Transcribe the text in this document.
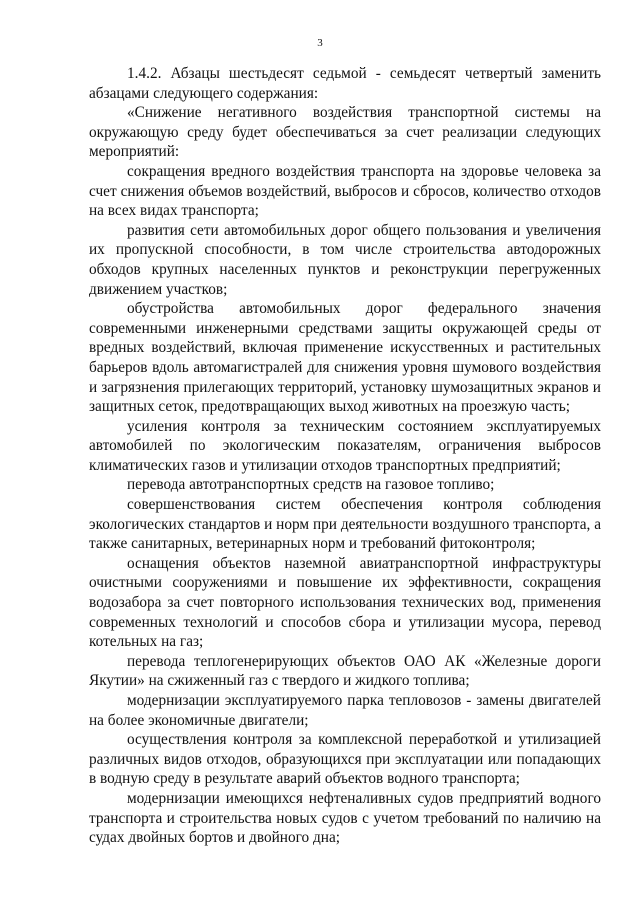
3

1.4.2. Абзацы шестьдесят седьмой - семьдесят четвертый заменить абзацами следующего содержания:

«Снижение негативного воздействия транспортной системы на окружающую среду будет обеспечиваться за счет реализации следующих мероприятий:

сокращения вредного воздействия транспорта на здоровье человека за счет снижения объемов воздействий, выбросов и сбросов, количество отходов на всех видах транспорта;

развития сети автомобильных дорог общего пользования и увеличения их пропускной способности, в том числе строительства автодорожных обходов крупных населенных пунктов и реконструкции перегруженных движением участков;

обустройства автомобильных дорог федерального значения современными инженерными средствами защиты окружающей среды от вредных воздействий, включая применение искусственных и растительных барьеров вдоль автомагистралей для снижения уровня шумового воздействия и загрязнения прилегающих территорий, установку шумозащитных экранов и защитных сеток, предотвращающих выход животных на проезжую часть;

усиления контроля за техническим состоянием эксплуатируемых автомобилей по экологическим показателям, ограничения выбросов климатических газов и утилизации отходов транспортных предприятий;

перевода автотранспортных средств на газовое топливо;

совершенствования систем обеспечения контроля соблюдения экологических стандартов и норм при деятельности воздушного транспорта, а также санитарных, ветеринарных норм и требований фитоконтроля;

оснащения объектов наземной авиатранспортной инфраструктуры очистными сооружениями и повышение их эффективности, сокращения водозабора за счет повторного использования технических вод, применения современных технологий и способов сбора и утилизации мусора, перевод котельных на газ;

перевода теплогенерирующих объектов ОАО АК «Железные дороги Якутии» на сжиженный газ с твердого и жидкого топлива;

модернизации эксплуатируемого парка тепловозов - замены двигателей на более экономичные двигатели;

осуществления контроля за комплексной переработкой и утилизацией различных видов отходов, образующихся при эксплуатации или попадающих в водную среду в результате аварий объектов водного транспорта;

модернизации имеющихся нефтеналивных судов предприятий водного транспорта и строительства новых судов с учетом требований по наличию на судах двойных бортов и двойного дна;
